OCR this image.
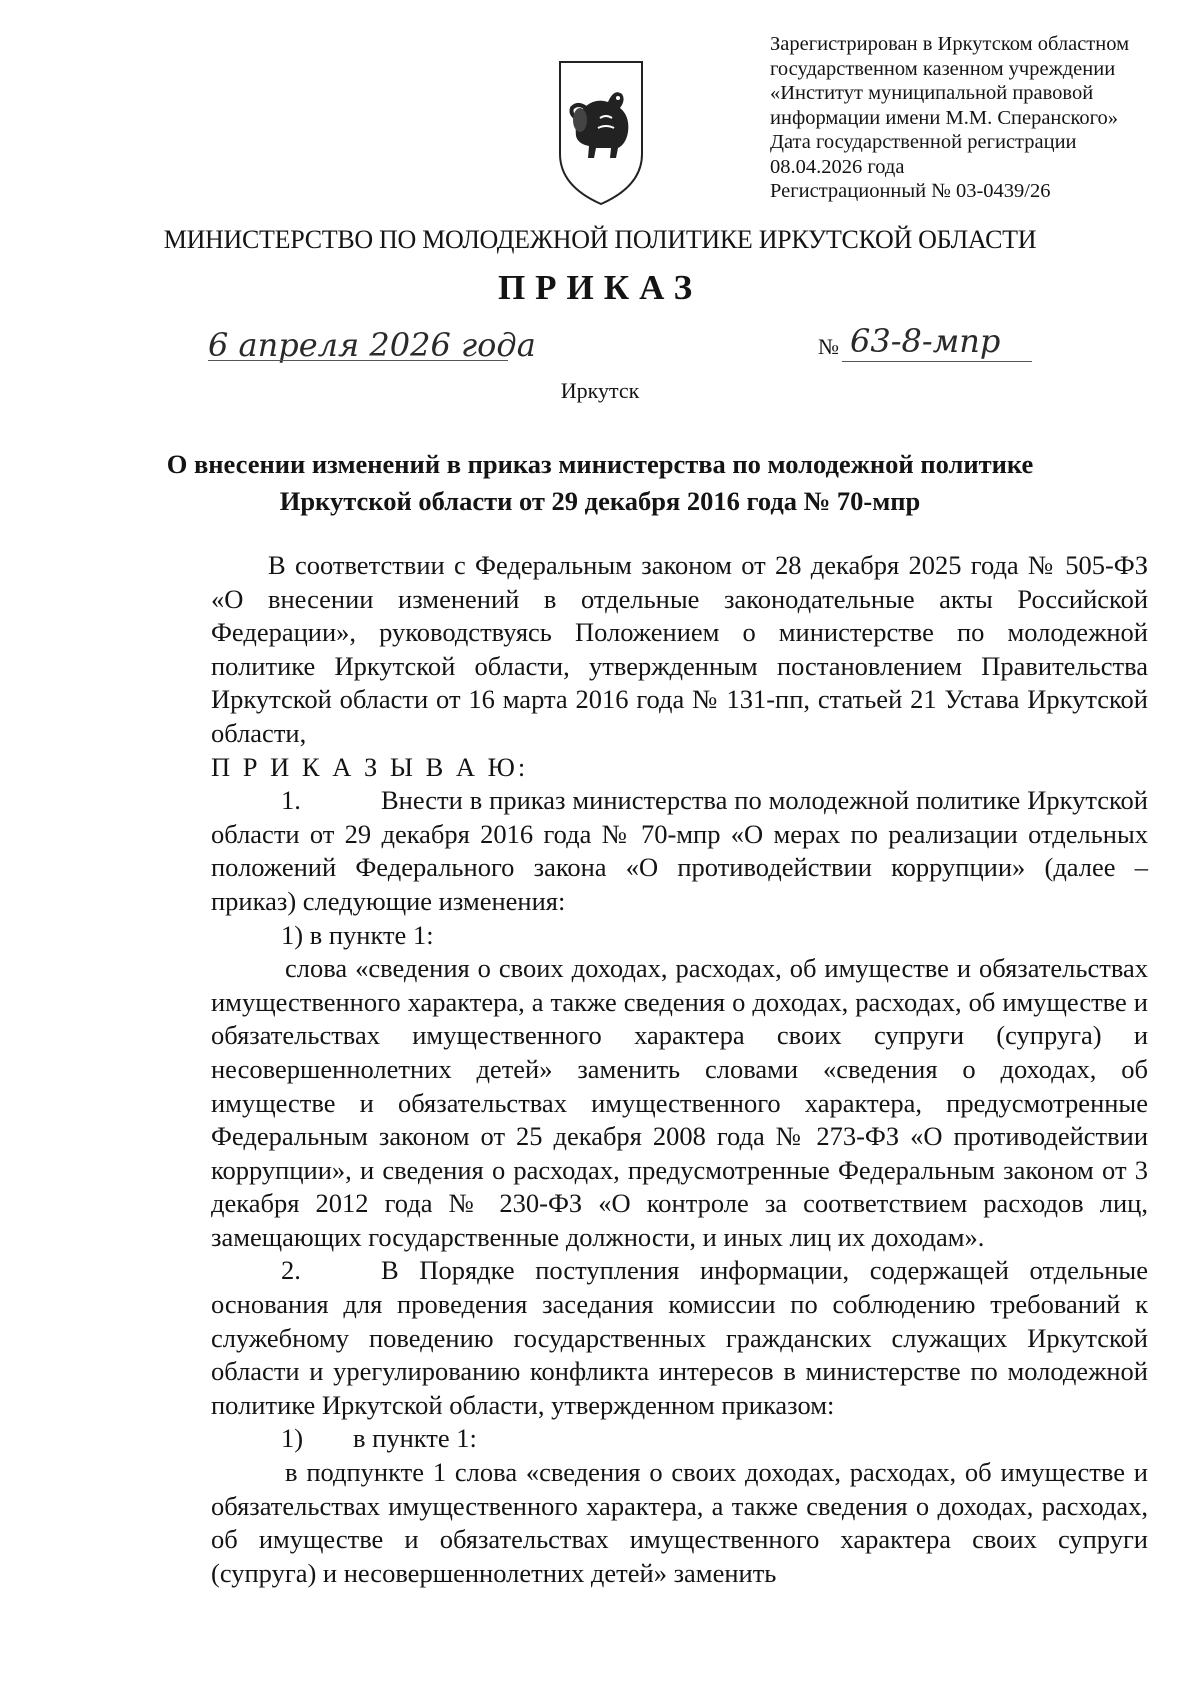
Зарегистрирован в Иркутском областном
государственном казенном учреждении
«Институт муниципальной правовой
информации имени М.М. Сперанского»
Дата государственной регистрации
08.04.2026 года
Регистрационный № 03-0439/26
МИНИСТЕРСТВО ПО МОЛОДЕЖНОЙ ПОЛИТИКЕ ИРКУТСКОЙ ОБЛАСТИ
ПРИКАЗ
6 апреля 2026 года	№ 63-8-мпр
Иркутск
О внесении изменений в приказ министерства по молодежной политике
Иркутской области от 29 декабря 2016 года № 70-мпр

В соответствии с Федеральным законом от 28 декабря 2025 года № 505-ФЗ «О внесении изменений в отдельные законодательные акты Российской Федерации», руководствуясь Положением о министерстве по молодежной политике Иркутской области, утвержденным постановлением Правительства Иркутской области от 16 марта 2016 года № 131-пп, статьей 21 Устава Иркутской области,

П Р И К А З Ы В А Ю:

1.	Внести в приказ министерства по молодежной политике Иркутской области от 29 декабря 2016 года № 70-мпр «О мерах по реализации отдельных положений Федерального закона «О противодействии коррупции» (далее – приказ) следующие изменения:

1) в пункте 1:

слова «сведения о своих доходах, расходах, об имуществе и обязательствах имущественного характера, а также сведения о доходах, расходах, об имуществе и обязательствах имущественного характера своих супруги (супруга) и несовершеннолетних детей» заменить словами «сведения о доходах, об имуществе и обязательствах имущественного характера, предусмотренные Федеральным законом от 25 декабря 2008 года № 273-ФЗ «О противодействии коррупции», и сведения о расходах, предусмотренные Федеральным законом от 3 декабря 2012 года № 230-ФЗ «О контроле за соответствием расходов лиц, замещающих государственные должности, и иных лиц их доходам».

2.	В Порядке поступления информации, содержащей отдельные основания для проведения заседания комиссии по соблюдению требований к служебному поведению государственных гражданских служащих Иркутской области и урегулированию конфликта интересов в министерстве по молодежной политике Иркутской области, утвержденном приказом:

1) в пункте 1:

в подпункте 1 слова «сведения о своих доходах, расходах, об имуществе и обязательствах имущественного характера, а также сведения о доходах, расходах, об имуществе и обязательствах имущественного характера своих супруги (супруга) и несовершеннолетних детей» заменить
